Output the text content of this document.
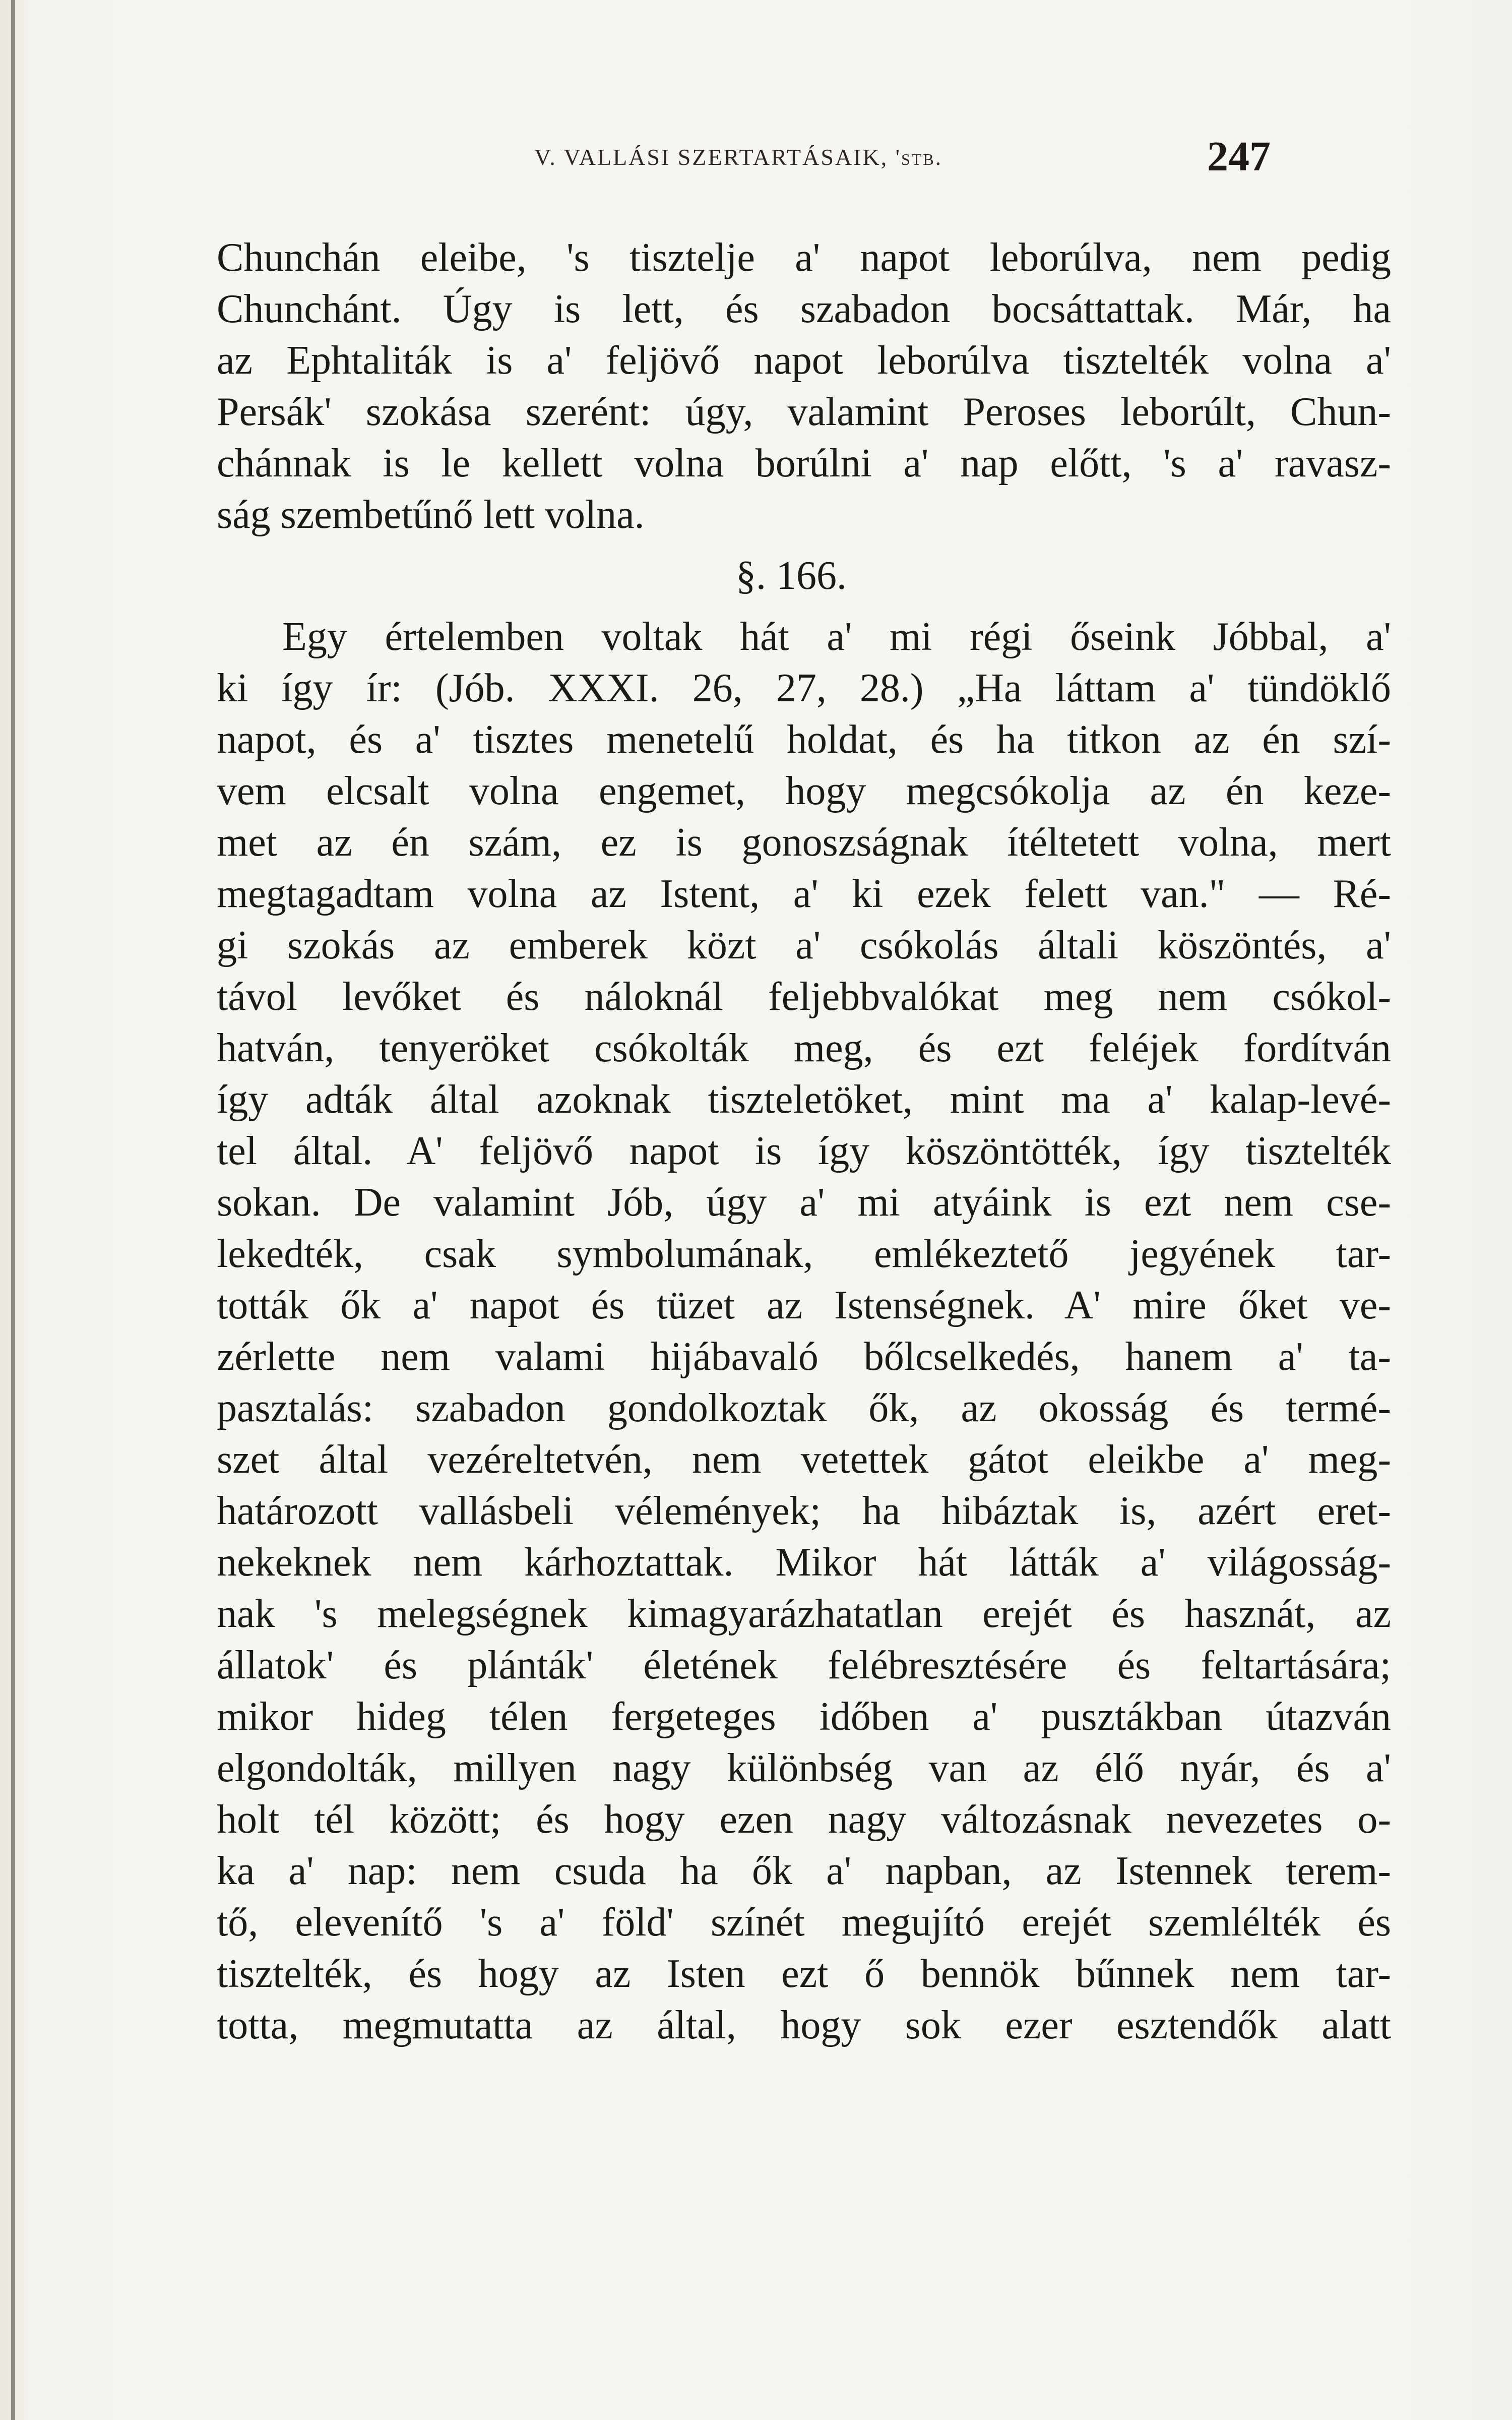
V. VALLÁSI SZERTARTÁSAIK, 'stb.	247
Chunchán eleibe, 's tisztelje a' napot leborúlva, nem pedig
Chunchánt. Úgy is lett, és szabadon bocsáttattak. Már, ha
az Ephtaliták is a' feljövő napot leborúlva tisztelték volna a'
Persák' szokása szerént: úgy, valamint Peroses leborúlt, Chun-
chánnak is le kellett volna borúlni a' nap előtt, 's a' ravasz-
ság szembetűnő lett volna.
§. 166.
Egy értelemben voltak hát a' mi régi őseink Jóbbal, a'
ki így ír: (Jób. XXXI. 26, 27, 28.) „Ha láttam a' tündöklő
napot, és a' tisztes menetelű holdat, és ha titkon az én szí-
vem elcsalt volna engemet, hogy megcsókolja az én keze-
met az én szám, ez is gonoszságnak ítéltetett volna, mert
megtagadtam volna az Istent, a' ki ezek felett van." — Ré-
gi szokás az emberek közt a' csókolás általi köszöntés, a'
távol levőket és náloknál feljebbvalókat meg nem csókol-
hatván, tenyeröket csókolták meg, és ezt feléjek fordítván
így adták által azoknak tiszteletöket, mint ma a' kalap-levé-
tel által. A' feljövő napot is így köszöntötték, így tisztelték
sokan. De valamint Jób, úgy a' mi atyáink is ezt nem cse-
lekedték, csak symbolumának, emlékeztető jegyének tar-
tották ők a' napot és tüzet az Istenségnek. A' mire őket ve-
zérlette nem valami hijábavaló bőlcselkedés, hanem a' ta-
pasztalás: szabadon gondolkoztak ők, az okosság és termé-
szet által vezéreltetvén, nem vetettek gátot eleikbe a' meg-
határozott vallásbeli vélemények; ha hibáztak is, azért eret-
nekeknek nem kárhoztattak. Mikor hát látták a' világosság-
nak 's melegségnek kimagyarázhatatlan erejét és hasznát, az
állatok' és plánták' életének felébresztésére és feltartására;
mikor hideg télen fergeteges időben a' pusztákban útazván
elgondolták, millyen nagy különbség van az élő nyár, és a'
holt tél között; és hogy ezen nagy változásnak nevezetes o-
ka a' nap: nem csuda ha ők a' napban, az Istennek terem-
tő, elevenítő 's a' föld' színét megujító erejét szemlélték és
tisztelték, és hogy az Isten ezt ő bennök bűnnek nem tar-
totta, megmutatta az által, hogy sok ezer esztendők alatt
